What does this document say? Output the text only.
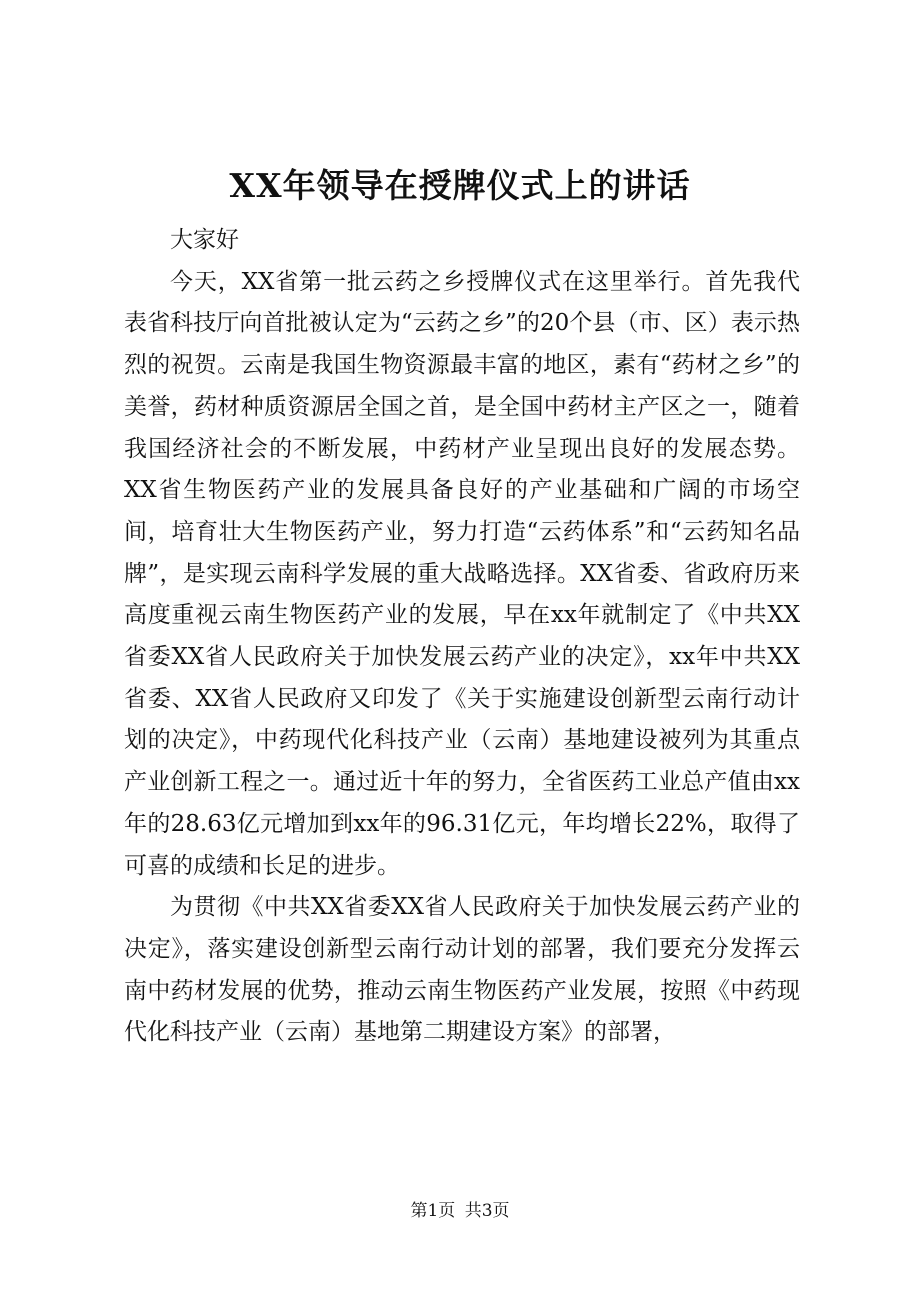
XX年领导在授牌仪式上的讲话

大家好

今天，XX省第一批云药之乡授牌仪式在这里举行。首先我代表省科技厅向首批被认定为“云药之乡”的20个县（市、区）表示热烈的祝贺。云南是我国生物资源最丰富的地区，素有“药材之乡”的美誉，药材种质资源居全国之首，是全国中药材主产区之一，随着我国经济社会的不断发展，中药材产业呈现出良好的发展态势。XX省生物医药产业的发展具备良好的产业基础和广阔的市场空间，培育壮大生物医药产业，努力打造“云药体系”和“云药知名品牌”，是实现云南科学发展的重大战略选择。XX省委、省政府历来高度重视云南生物医药产业的发展，早在xx年就制定了《中共XX省委XX省人民政府关于加快发展云药产业的决定》，xx年中共XX省委、XX省人民政府又印发了《关于实施建设创新型云南行动计划的决定》，中药现代化科技产业（云南）基地建设被列为其重点产业创新工程之一。通过近十年的努力，全省医药工业总产值由xx年的28.63亿元增加到xx年的96.31亿元，年均增长22%，取得了可喜的成绩和长足的进步。

为贯彻《中共XX省委XX省人民政府关于加快发展云药产业的决定》，落实建设创新型云南行动计划的部署，我们要充分发挥云南中药材发展的优势，推动云南生物医药产业发展，按照《中药现代化科技产业（云南）基地第二期建设方案》的部署，

第1页 共3页
